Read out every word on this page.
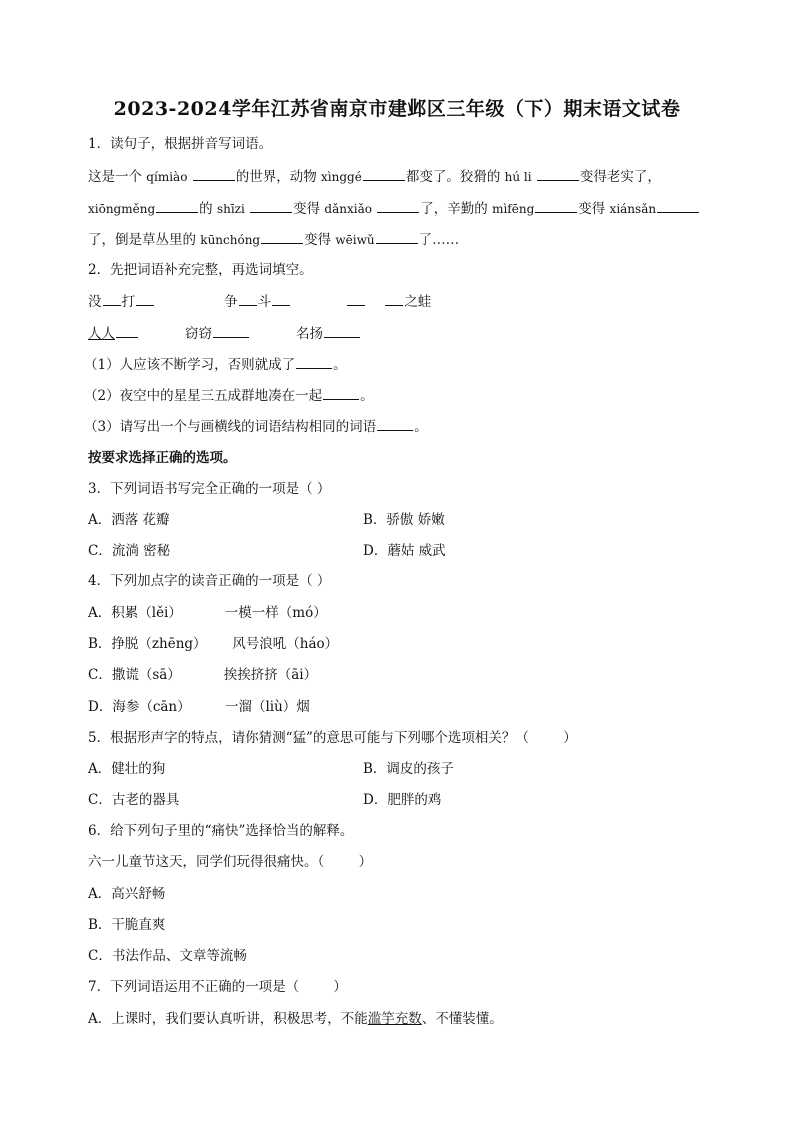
2023-2024学年江苏省南京市建邺区三年级（下）期末语文试卷
1．读句子，根据拼音写词语。
这是一个 qímiào	的世界，动物 xìnggé	都变了。狡猾的 hú li	变得老实了，
xiōngměng	的 shīzi	变得 dǎnxiǎo	了，辛勤的 mìfēng	变得 xiánsǎn
了，倒是草丛里的 kūnchóng	变得 wēiwǔ	了……
2．先把词语补充完整，再选词填空。
没 打	争 斗	之蛙
人人	窃窃	名扬
（1）人应该不断学习，否则就成了	。
（2）夜空中的星星三五成群地凑在一起	。
（3）请写出一个与画横线的词语结构相同的词语	。
按要求选择正确的选项。
3．下列词语书写完全正确的一项是（ ）
A．洒落 花瓣	B．骄傲 娇嫩
C．流淌 密秘	D．蘑姑 威武
4．下列加点字的读音正确的一项是（ ）
A．积累（lěi）          一模一样（mó）
B．挣脱（zhēng）      风号浪吼（háo）
C．撒谎（sā）          挨挨挤挤（āi）
D．海参（cān）        一溜（liù）烟
5．根据形声字的特点，请你猜测“猛”的意思可能与下列哪个选项相关？（        ）
A．健壮的狗	B．调皮的孩子
C．古老的器具	D．肥胖的鸡
6．给下列句子里的“痛快”选择恰当的解释。
六一儿童节这天，同学们玩得很痛快。（        ）
A．高兴舒畅
B．干脆直爽
C．书法作品、文章等流畅
7．下列词语运用不正确的一项是（        ）
A．上课时，我们要认真听讲，积极思考，不能滥竽充数、不懂装懂。
